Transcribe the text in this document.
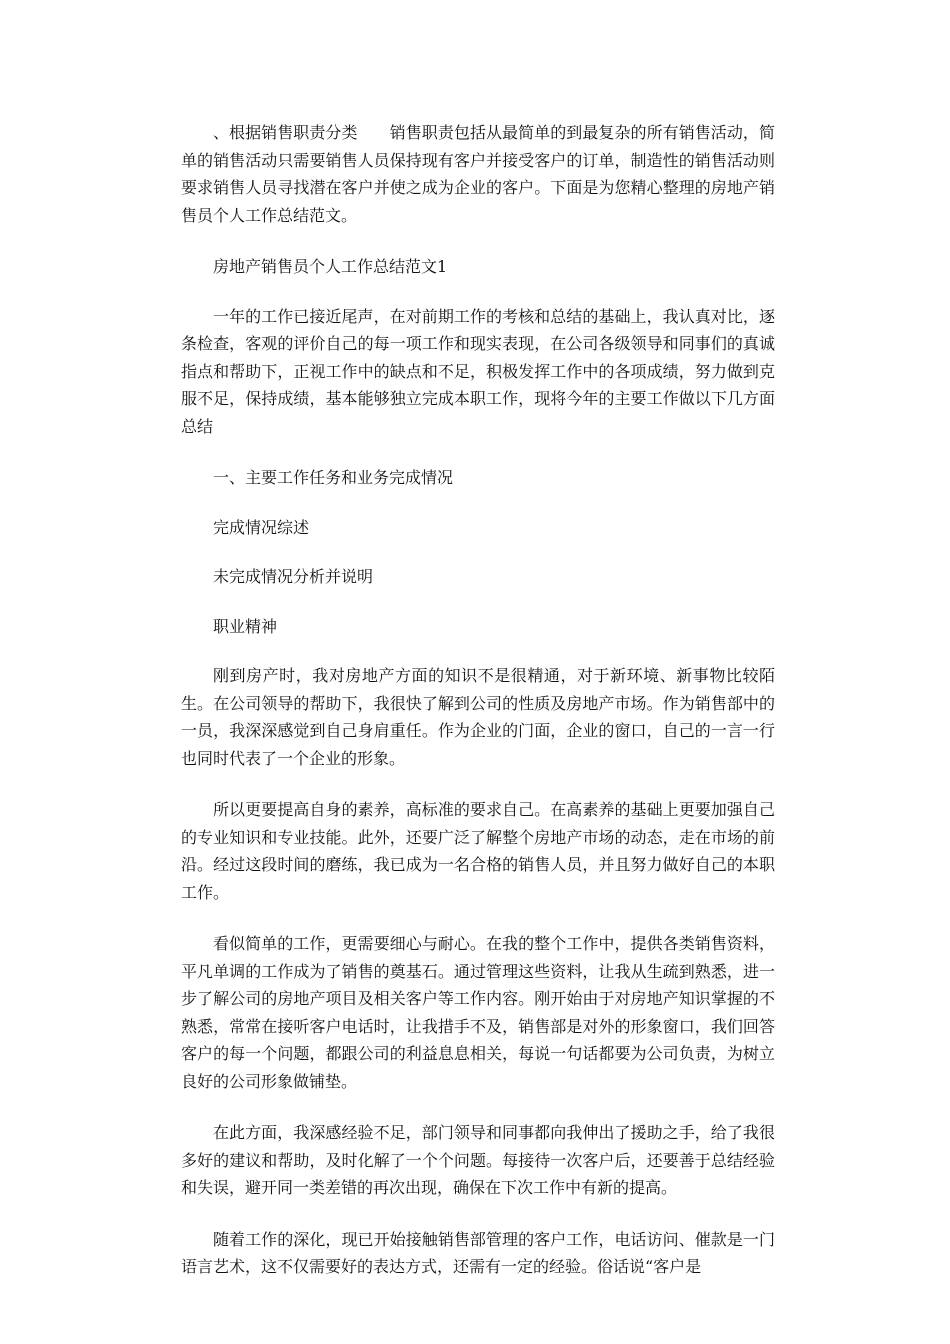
、根据销售职责分类　　销售职责包括从最简单的到最复杂的所有销售活动，简单的销售活动只需要销售人员保持现有客户并接受客户的订单，制造性的销售活动则要求销售人员寻找潜在客户并使之成为企业的客户。下面是为您精心整理的房地产销售员个人工作总结范文。

房地产销售员个人工作总结范文1

一年的工作已接近尾声，在对前期工作的考核和总结的基础上，我认真对比，逐条检查，客观的评价自己的每一项工作和现实表现，在公司各级领导和同事们的真诚指点和帮助下，正视工作中的缺点和不足，积极发挥工作中的各项成绩，努力做到克服不足，保持成绩，基本能够独立完成本职工作，现将今年的主要工作做以下几方面总结

一、主要工作任务和业务完成情况

完成情况综述

未完成情况分析并说明

职业精神

刚到房产时，我对房地产方面的知识不是很精通，对于新环境、新事物比较陌生。在公司领导的帮助下，我很快了解到公司的性质及房地产市场。作为销售部中的一员，我深深感觉到自己身肩重任。作为企业的门面，企业的窗口，自己的一言一行也同时代表了一个企业的形象。

所以更要提高自身的素养，高标准的要求自己。在高素养的基础上更要加强自己的专业知识和专业技能。此外，还要广泛了解整个房地产市场的动态，走在市场的前沿。经过这段时间的磨练，我已成为一名合格的销售人员，并且努力做好自己的本职工作。

看似简单的工作，更需要细心与耐心。在我的整个工作中，提供各类销售资料，平凡单调的工作成为了销售的奠基石。通过管理这些资料，让我从生疏到熟悉，进一步了解公司的房地产项目及相关客户等工作内容。刚开始由于对房地产知识掌握的不熟悉，常常在接听客户电话时，让我措手不及，销售部是对外的形象窗口，我们回答客户的每一个问题，都跟公司的利益息息相关，每说一句话都要为公司负责，为树立良好的公司形象做铺垫。

在此方面，我深感经验不足，部门领导和同事都向我伸出了援助之手，给了我很多好的建议和帮助，及时化解了一个个问题。每接待一次客户后，还要善于总结经验和失误，避开同一类差错的再次出现，确保在下次工作中有新的提高。

随着工作的深化，现已开始接触销售部管理的客户工作，电话访问、催款是一门语言艺术，这不仅需要好的表达方式，还需有一定的经验。俗话说“客户是
